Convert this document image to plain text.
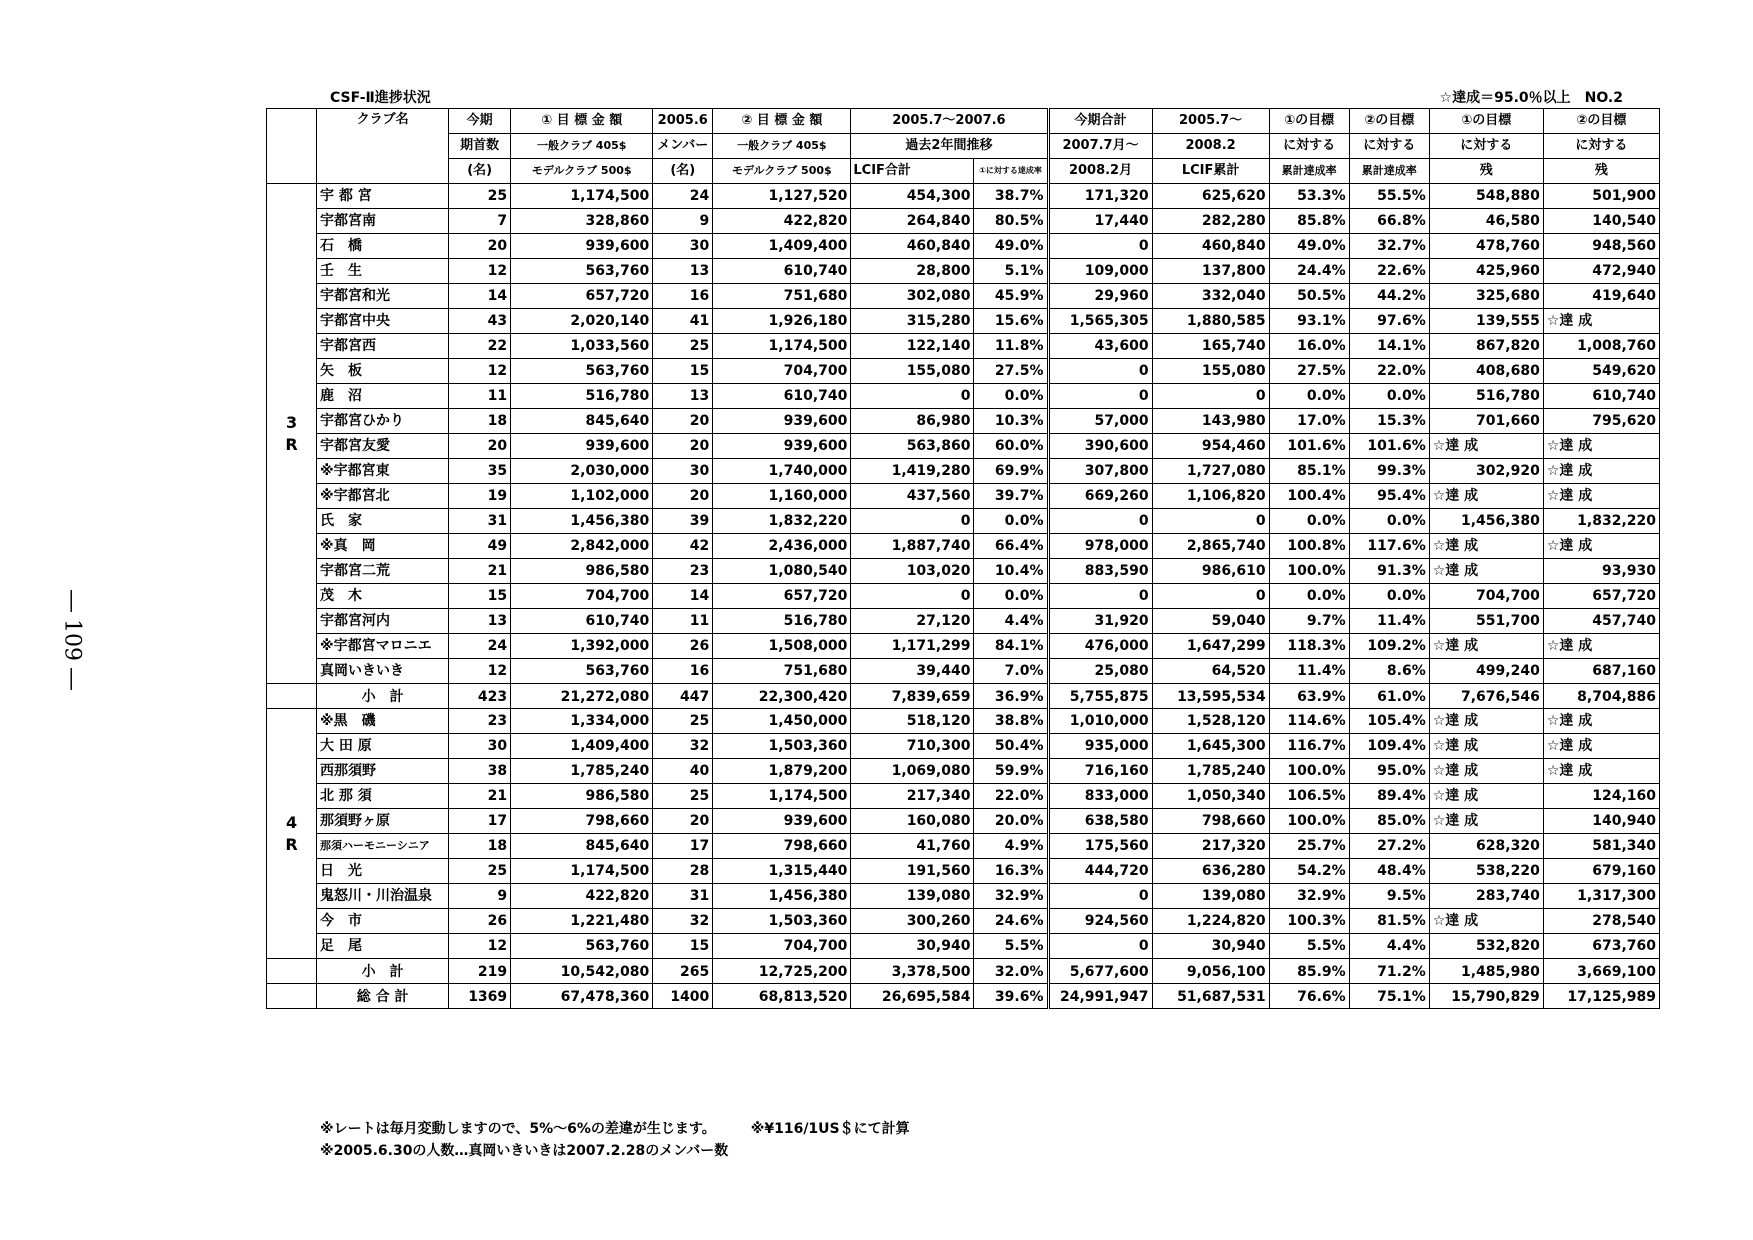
― 109 ―
CSF-Ⅱ進捗状況	☆達成＝95.0％以上　NO.2
	クラブ名	今期	① 目 標 金 額	2005.6	② 目 標 金 額	2005.7～2007.6		今期合計	2005.7～	①の目標	②の目標	①の目標	②の目標
		期首数	一般クラブ 405$	メンバー	一般クラブ 405$	過去2年間推移		2007.7月～	2008.2	に対する	に対する	に対する	に対する
		(名)	モデルクラブ 500$	(名)	モデルクラブ 500$	LCIF合計	①に対する達成率	2008.2月	LCIF累計	累計達成率	累計達成率	残	残

3
R	宇 都 宮	25	1,174,500	24	1,127,520	454,300	38.7%	171,320	625,620	53.3%	55.5%	548,880	501,900
	宇都宮南	7	328,860	9	422,820	264,840	80.5%	17,440	282,280	85.8%	66.8%	46,580	140,540
	石　橋	20	939,600	30	1,409,400	460,840	49.0%	0	460,840	49.0%	32.7%	478,760	948,560
	壬　生	12	563,760	13	610,740	28,800	5.1%	109,000	137,800	24.4%	22.6%	425,960	472,940
	宇都宮和光	14	657,720	16	751,680	302,080	45.9%	29,960	332,040	50.5%	44.2%	325,680	419,640
	宇都宮中央	43	2,020,140	41	1,926,180	315,280	15.6%	1,565,305	1,880,585	93.1%	97.6%	139,555	☆達 成
	宇都宮西	22	1,033,560	25	1,174,500	122,140	11.8%	43,600	165,740	16.0%	14.1%	867,820	1,008,760
	矢　板	12	563,760	15	704,700	155,080	27.5%	0	155,080	27.5%	22.0%	408,680	549,620
	鹿　沼	11	516,780	13	610,740	0	0.0%	0	0	0.0%	0.0%	516,780	610,740
	宇都宮ひかり	18	845,640	20	939,600	86,980	10.3%	57,000	143,980	17.0%	15.3%	701,660	795,620
	宇都宮友愛	20	939,600	20	939,600	563,860	60.0%	390,600	954,460	101.6%	101.6%	☆達 成	☆達 成
	※宇都宮東	35	2,030,000	30	1,740,000	1,419,280	69.9%	307,800	1,727,080	85.1%	99.3%	302,920	☆達 成
	※宇都宮北	19	1,102,000	20	1,160,000	437,560	39.7%	669,260	1,106,820	100.4%	95.4%	☆達 成	☆達 成
	氏　家	31	1,456,380	39	1,832,220	0	0.0%	0	0	0.0%	0.0%	1,456,380	1,832,220
	※真　岡	49	2,842,000	42	2,436,000	1,887,740	66.4%	978,000	2,865,740	100.8%	117.6%	☆達 成	☆達 成
	宇都宮二荒	21	986,580	23	1,080,540	103,020	10.4%	883,590	986,610	100.0%	91.3%	☆達 成	93,930
	茂　木	15	704,700	14	657,720	0	0.0%	0	0	0.0%	0.0%	704,700	657,720
	宇都宮河内	13	610,740	11	516,780	27,120	4.4%	31,920	59,040	9.7%	11.4%	551,700	457,740
	※宇都宮マロニエ	24	1,392,000	26	1,508,000	1,171,299	84.1%	476,000	1,647,299	118.3%	109.2%	☆達 成	☆達 成
	真岡いきいき	12	563,760	16	751,680	39,440	7.0%	25,080	64,520	11.4%	8.6%	499,240	687,160
	小　計	423	21,272,080	447	22,300,420	7,839,659	36.9%	5,755,875	13,595,534	63.9%	61.0%	7,676,546	8,704,886

4
R	※黒　磯	23	1,334,000	25	1,450,000	518,120	38.8%	1,010,000	1,528,120	114.6%	105.4%	☆達 成	☆達 成
	大 田 原	30	1,409,400	32	1,503,360	710,300	50.4%	935,000	1,645,300	116.7%	109.4%	☆達 成	☆達 成
	西那須野	38	1,785,240	40	1,879,200	1,069,080	59.9%	716,160	1,785,240	100.0%	95.0%	☆達 成	☆達 成
	北 那 須	21	986,580	25	1,174,500	217,340	22.0%	833,000	1,050,340	106.5%	89.4%	☆達 成	124,160
	那須野ヶ原	17	798,660	20	939,600	160,080	20.0%	638,580	798,660	100.0%	85.0%	☆達 成	140,940
	那須ハーモニーシニア	18	845,640	17	798,660	41,760	4.9%	175,560	217,320	25.7%	27.2%	628,320	581,340
	日　光	25	1,174,500	28	1,315,440	191,560	16.3%	444,720	636,280	54.2%	48.4%	538,220	679,160
	鬼怒川・川治温泉	9	422,820	31	1,456,380	139,080	32.9%	0	139,080	32.9%	9.5%	283,740	1,317,300
	今　市	26	1,221,480	32	1,503,360	300,260	24.6%	924,560	1,224,820	100.3%	81.5%	☆達 成	278,540
	足　尾	12	563,760	15	704,700	30,940	5.5%	0	30,940	5.5%	4.4%	532,820	673,760
	小　計	219	10,542,080	265	12,725,200	3,378,500	32.0%	5,677,600	9,056,100	85.9%	71.2%	1,485,980	3,669,100
	総 合 計	1369	67,478,360	1400	68,813,520	26,695,584	39.6%	24,991,947	51,687,531	76.6%	75.1%	15,790,829	17,125,989
※レートは毎月変動しますので、5%～6%の差違が生じます。　　　※¥116/1US＄にて計算
※2005.6.30の人数…真岡いきいきは2007.2.28のメンバー数
